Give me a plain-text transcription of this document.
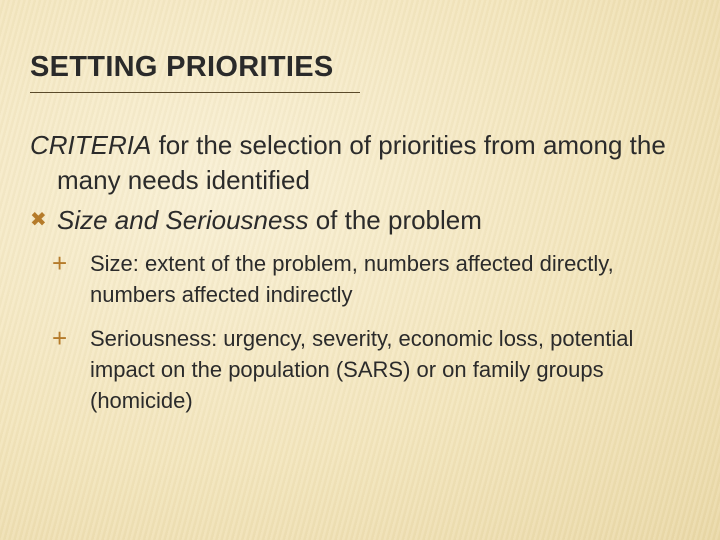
SETTING PRIORITIES

CRITERIA for the selection of priorities from among the many needs identified

✖ Size and Seriousness of the problem
+ Size: extent of the problem, numbers affected directly, numbers affected indirectly
+ Seriousness: urgency, severity, economic loss, potential impact on the population (SARS) or on family groups (homicide)
